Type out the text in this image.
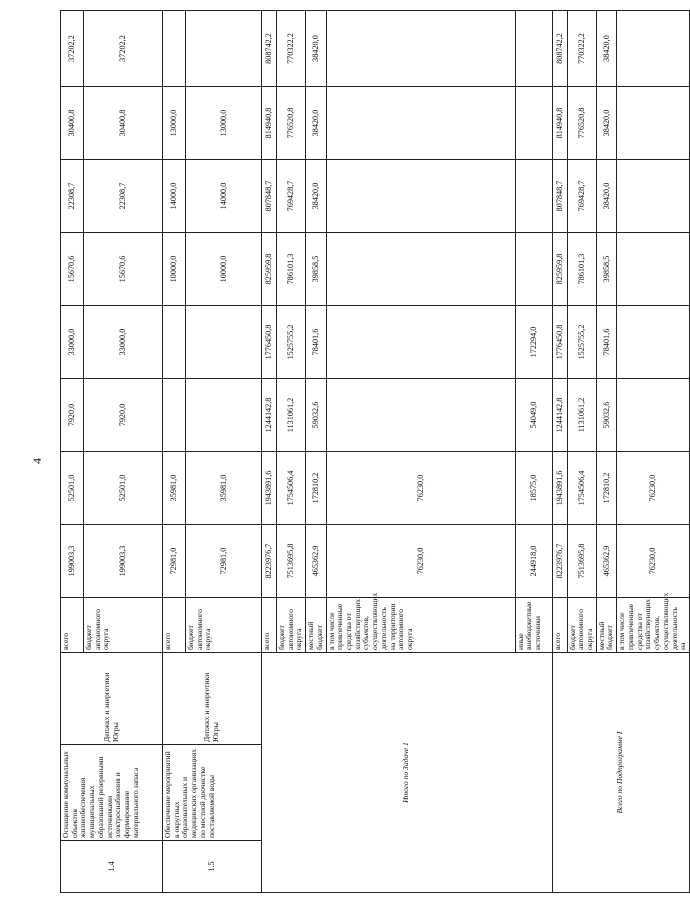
4
1.4	Оснащение коммунальных объектов жизнеобеспечения муниципальных образований резервными источниками электроснабжения и формирование материального запаса	Депжкх и энергетики Югры	всего	199003,3	52501,0	7920,0	33000,0	15670,6	22308,7	30400,8	37202,2
			бюджет автономного округа	199003,3	52501,0	7920,0	33000,0	15670,6	22308,7	30400,8	37202,2
1.5	Обеспечение мероприятий в округных образовательных и медицинских организациях по местной доочистке поставляемой воды	Депжкх и энергетики Югры	всего	72981,0	35981,0			10000,0	14000,0	13000,0	
			бюджет автономного округа	72981,0	35981,0			10000,0	14000,0	13000,0	

Итого по Задаче 1			всего	8223976,7	1943891,6	1244142,8	1776450,8	825959,8	807848,7	814940,8	808742,2
			бюджет автономного округа	7513695,8	1754506,4	1131061,2	1525755,2	786101,3	769428,7	776520,8	770322,2
			местный бюджет	465362,9	172810,2	59032,6	78401,6	39858,5	38420,0	38420,0	38420,0
			в том числе привлеченные средства от хозяйствующих субъектов, осуществляющих деятельность на территории автономного округа	76230,0	76230,0						
			иные внебюджетные источники	244918,0	18575,0	54049,0	172294,0				

Всего по Подпрограмме I			всего	8223976,7	1943891,6	1244142,8	1776450,8	825959,8	807848,7	814940,8	808742,2
			бюджет автономного округа	7513695,8	1754506,4	1131061,2	1525755,2	786101,3	769428,7	776520,8	770322,2
			местный бюджет	465362,9	172810,2	59032,6	78401,6	39858,5	38420,0	38420,0	38420,0
			в том числе привлеченные средства от хозяйствующих субъектов, осуществляющих деятельность на	76230,0	76230,0						
